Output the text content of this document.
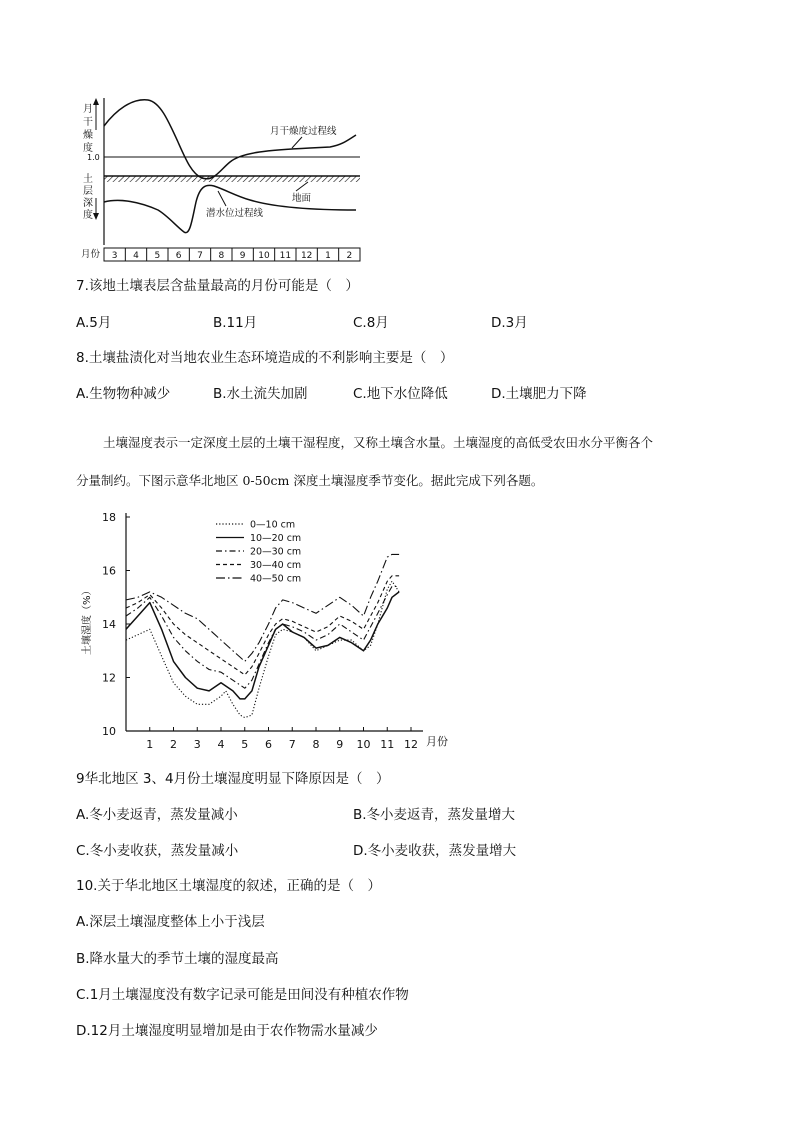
月
干
燥
度
1.0
土
层
深
度
月干燥度过程线
地面
潜水位过程线
月份 3 4 5 6 7 8 9 10 11 12 1 2
7.该地土壤表层含盐量最高的月份可能是（　）
A.5月	B.11月	C.8月	D.3月
8.土壤盐渍化对当地农业生态环境造成的不利影响主要是（　）
A.生物物种减少	B.水土流失加剧	C.地下水位降低	D.土壤肥力下降
土壤湿度表示一定深度土层的土壤干湿程度，又称土壤含水量。土壤湿度的高低受农田水分平衡各个
分量制约。下图示意华北地区 0-50cm 深度土壤湿度季节变化。据此完成下列各题。
10
12
14
16
18
1 2 3 4 5 6 7 8 9 10 11 12
0—10 cm
10—20 cm
20—30 cm
30—40 cm
40—50 cm
土壤湿度（%）
月份
9华北地区 3、4月份土壤湿度明显下降原因是（　）
A.冬小麦返青，蒸发量减小	B.冬小麦返青，蒸发量增大
C.冬小麦收获，蒸发量减小	D.冬小麦收获，蒸发量增大
10.关于华北地区土壤湿度的叙述，正确的是（　）
A.深层土壤湿度整体上小于浅层
B.降水量大的季节土壤的湿度最高
C.1月土壤湿度没有数字记录可能是田间没有种植农作物
D.12月土壤湿度明显增加是由于农作物需水量减少
